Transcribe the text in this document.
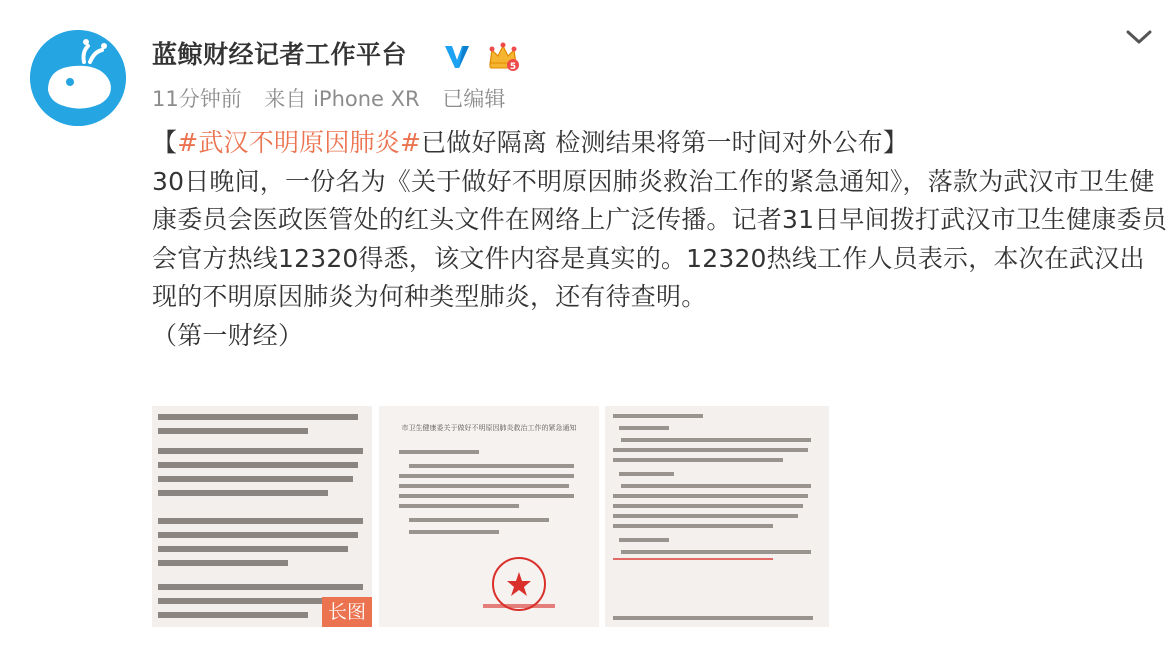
蓝鲸财经记者工作平台	5
11分钟前 来自 iPhone XR 已编辑

【#武汉不明原因肺炎#已做好隔离 检测结果将第一时间对外公布】

30日晚间，一份名为《关于做好不明原因肺炎救治工作的紧急通知》，落款为武汉市卫生健康委员会医政医管处的红头文件在网络上广泛传播。记者31日早间拨打武汉市卫生健康委员会官方热线12320得悉，该文件内容是真实的。12320热线工作人员表示，本次在武汉出现的不明原因肺炎为何种类型肺炎，还有待查明。

（第一财经）

长图
市卫生健康委关于做好不明原因肺炎救治工作的紧急通知
